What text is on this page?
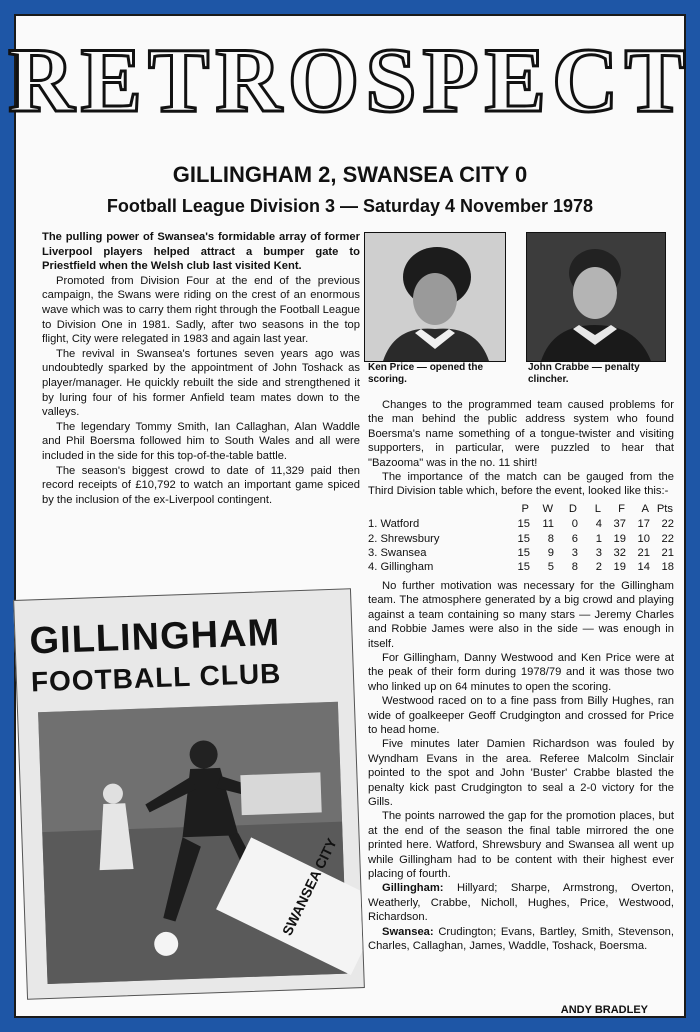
RETROSPECT
GILLINGHAM 2, SWANSEA CITY 0
Football League Division 3 — Saturday 4 November 1978

The pulling power of Swansea's formidable array of former Liverpool players helped attract a bumper gate to Priestfield when the Welsh club last visited Kent.

Promoted from Division Four at the end of the previous campaign, the Swans were riding on the crest of an enormous wave which was to carry them right through the Football League to Division One in 1981. Sadly, after two seasons in the top flight, City were relegated in 1983 and again last year.

The revival in Swansea's fortunes seven years ago was undoubtedly sparked by the appointment of John Toshack as player/manager. He quickly rebuilt the side and strengthened it by luring four of his former Anfield team mates down to the valleys.

The legendary Tommy Smith, Ian Callaghan, Alan Waddle and Phil Boersma followed him to South Wales and all were included in the side for this top-of-the-table battle.

The season's biggest crowd to date of 11,329 paid then record receipts of £10,792 to watch an important game spiced by the inclusion of the ex-Liverpool contingent.

Ken Price — opened the scoring.
John Crabbe — penalty clincher.
GILLINGHAM
FOOTBALL CLUB
SWANSEA CITY

Changes to the programmed team caused problems for the man behind the public address system who found Boersma's name something of a tongue-twister and visiting supporters, in particular, were puzzled to hear that "Bazooma" was in the no. 11 shirt!

The importance of the match can be gauged from the Third Division table which, before the event, looked like this:-

	P	W	D	L	F	A	Pts
1. Watford	15	11	0	4	37	17	22
2. Shrewsbury	15	8	6	1	19	10	22
3. Swansea	15	9	3	3	32	21	21
4. Gillingham	15	5	8	2	19	14	18

No further motivation was necessary for the Gillingham team. The atmosphere generated by a big crowd and playing against a team containing so many stars — Jeremy Charles and Robbie James were also in the side — was enough in itself.

For Gillingham, Danny Westwood and Ken Price were at the peak of their form during 1978/79 and it was those two who linked up on 64 minutes to open the scoring.

Westwood raced on to a fine pass from Billy Hughes, ran wide of goalkeeper Geoff Crudgington and crossed for Price to head home.

Five minutes later Damien Richardson was fouled by Wyndham Evans in the area. Referee Malcolm Sinclair pointed to the spot and John 'Buster' Crabbe blasted the penalty kick past Crudgington to seal a 2-0 victory for the Gills.

The points narrowed the gap for the promotion places, but at the end of the season the final table mirrored the one printed here. Watford, Shrewsbury and Swansea all went up while Gillingham had to be content with their highest ever placing of fourth.

Gillingham: Hillyard; Sharpe, Armstrong, Overton, Weatherly, Crabbe, Nicholl, Hughes, Price, Westwood, Richardson.

Swansea: Crudington; Evans, Bartley, Smith, Stevenson, Charles, Callaghan, James, Waddle, Toshack, Boersma.

ANDY BRADLEY
